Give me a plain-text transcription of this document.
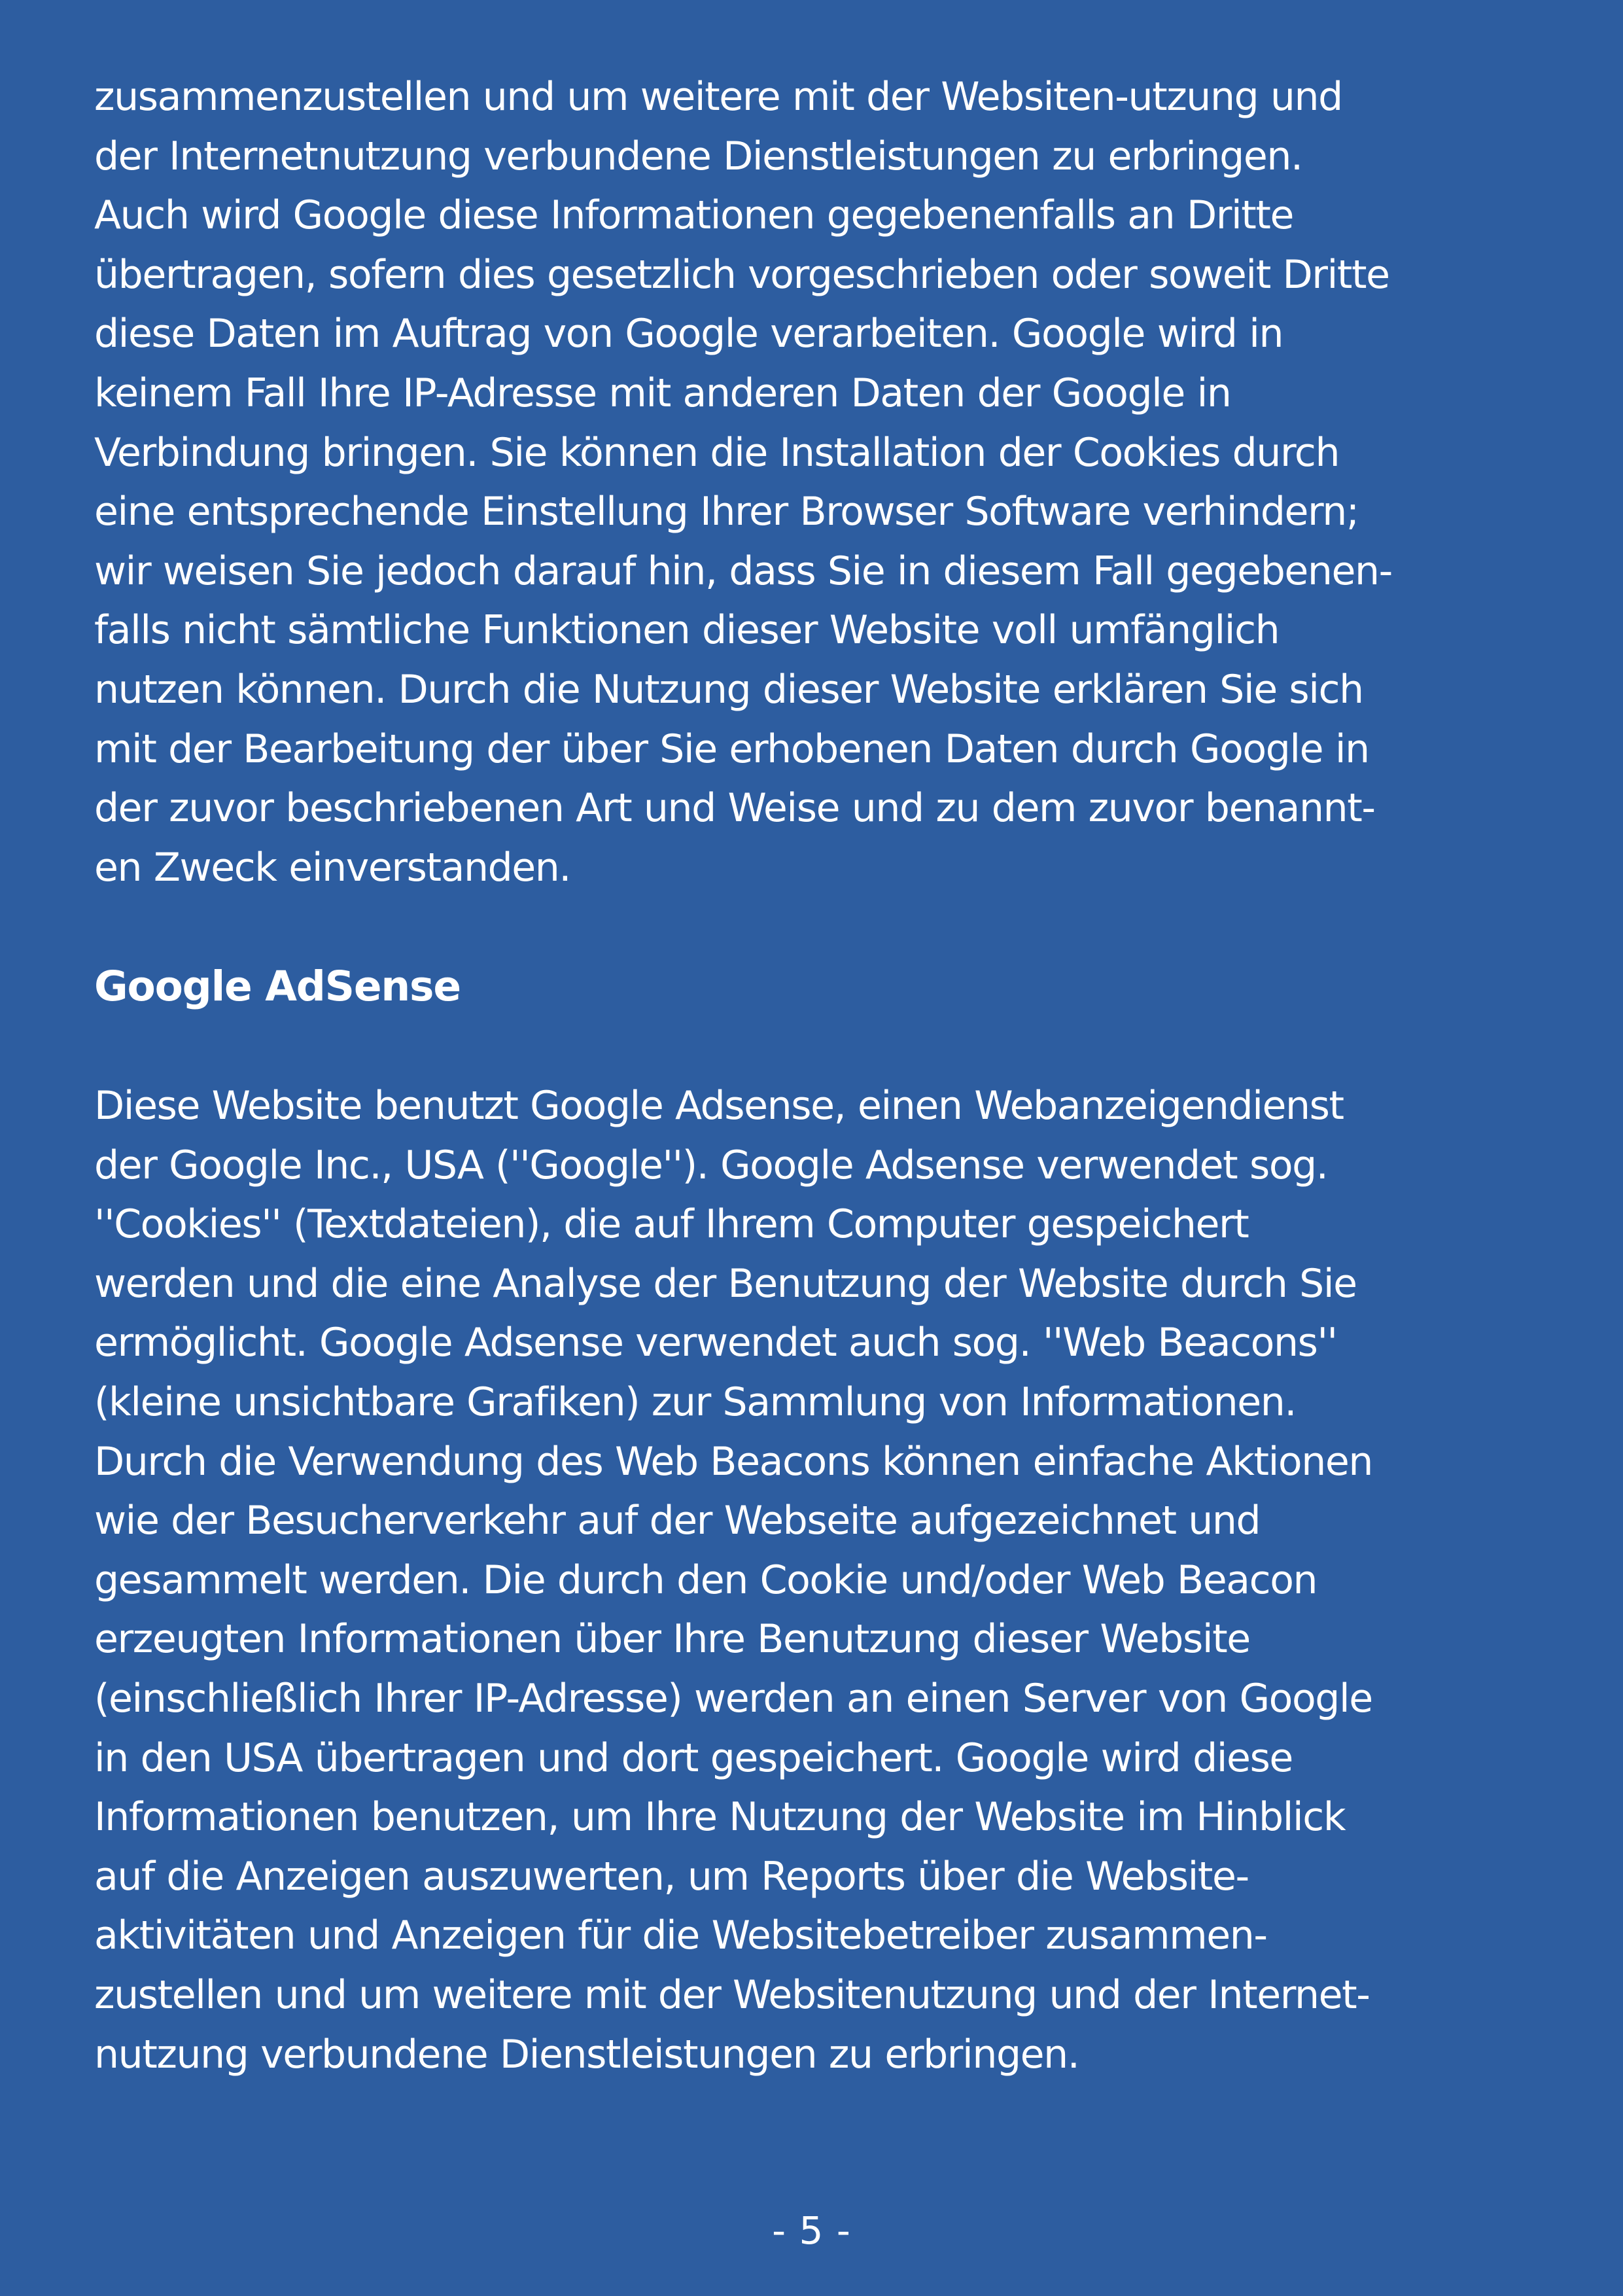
zusammenzustellen und um weitere mit der Websiten-utzung und
der Internetnutzung verbundene Dienstleistungen zu erbringen.
Auch wird Google diese Informationen gegebenenfalls an Dritte
übertragen, sofern dies gesetzlich vorgeschrieben oder soweit Dritte
diese Daten im Auftrag von Google verarbeiten. Google wird in
keinem Fall Ihre IP-Adresse mit anderen Daten der Google in
Verbindung bringen. Sie können die Installation der Cookies durch
eine entsprechende Einstellung Ihrer Browser Software verhindern;
wir weisen Sie jedoch darauf hin, dass Sie in diesem Fall gegebenen-
falls nicht sämtliche Funktionen dieser Website voll umfänglich
nutzen können. Durch die Nutzung dieser Website erklären Sie sich
mit der Bearbeitung der über Sie erhobenen Daten durch Google in
der zuvor beschriebenen Art und Weise und zu dem zuvor benannt-
en Zweck einverstanden.
Google AdSense
Diese Website benutzt Google Adsense, einen Webanzeigendienst
der Google Inc., USA (''Google''). Google Adsense verwendet sog.
''Cookies'' (Textdateien), die auf Ihrem Computer gespeichert
werden und die eine Analyse der Benutzung der Website durch Sie
ermöglicht. Google Adsense verwendet auch sog. ''Web Beacons''
(kleine unsichtbare Grafiken) zur Sammlung von Informationen.
Durch die Verwendung des Web Beacons können einfache Aktionen
wie der Besucherverkehr auf der Webseite aufgezeichnet und
gesammelt werden. Die durch den Cookie und/oder Web Beacon
erzeugten Informationen über Ihre Benutzung dieser Website
(einschließlich Ihrer IP-Adresse) werden an einen Server von Google
in den USA übertragen und dort gespeichert. Google wird diese
Informationen benutzen, um Ihre Nutzung der Website im Hinblick
auf die Anzeigen auszuwerten, um Reports über die Website-
aktivitäten und Anzeigen für die Websitebetreiber zusammen-
zustellen und um weitere mit der Websitenutzung und der Internet-
nutzung verbundene Dienstleistungen zu erbringen.
- 5 -
